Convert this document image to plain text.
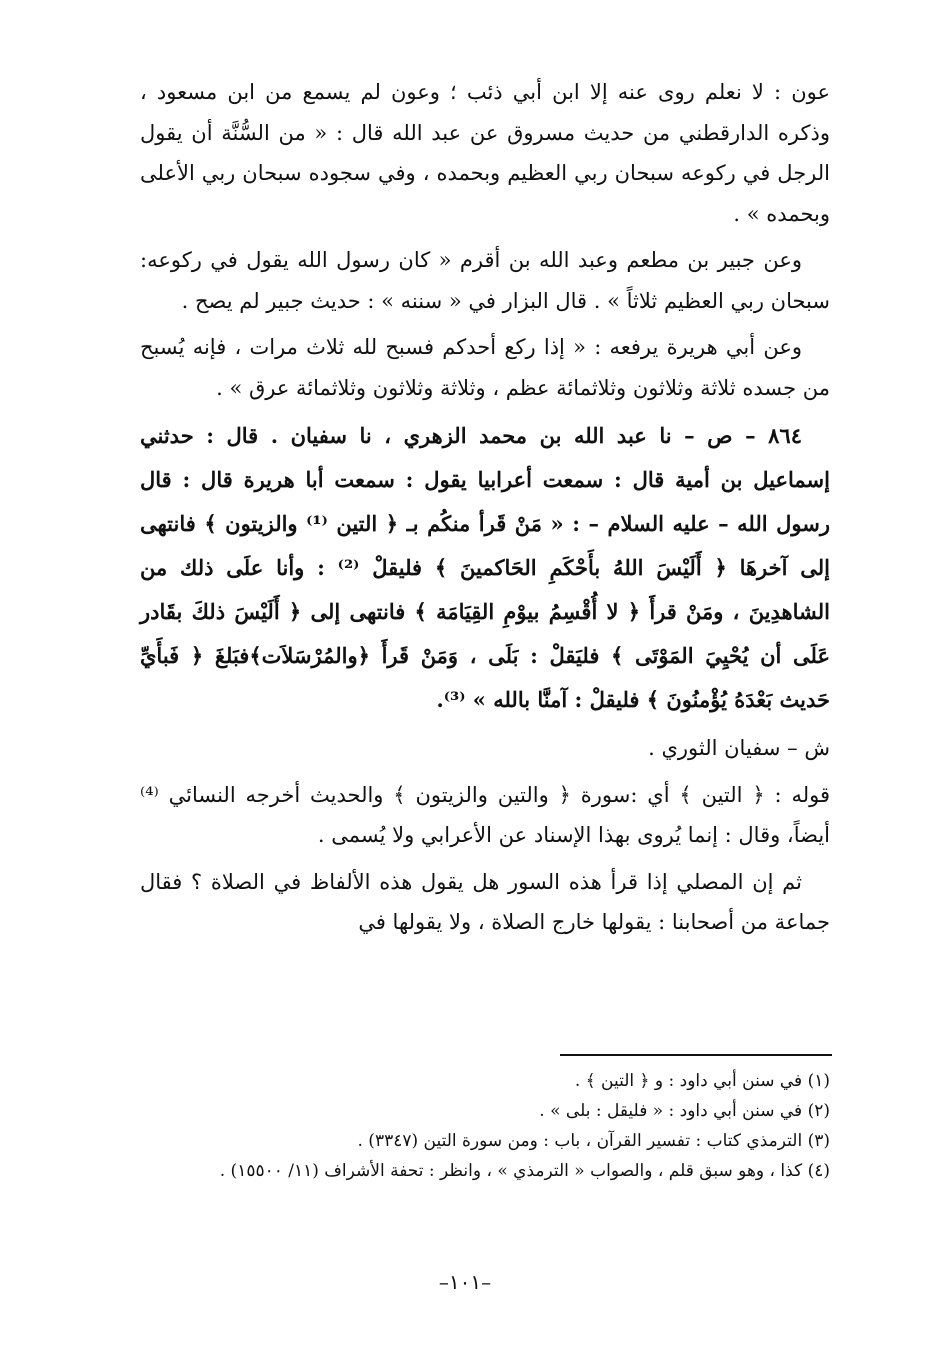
عون : لا نعلم روى عنه إلا ابن أبي ذئب ؛ وعون لم يسمع من ابن مسعود ، وذكره الدارقطني من حديث مسروق عن عبد الله قال : « من السُّنَّة أن يقول الرجل في ركوعه سبحان ربي العظيم وبحمده ، وفي سجوده سبحان ربي الأعلى وبحمده » .

وعن جبير بن مطعم وعبد الله بن أقرم « كان رسول الله يقول في ركوعه: سبحان ربي العظيم ثلاثاً » . قال البزار في « سننه » : حديث جبير لم يصح .

وعن أبي هريرة يرفعه : « إذا ركع أحدكم فسبح لله ثلاث مرات ، فإنه يُسبح من جسده ثلاثة وثلاثون وثلاثمائة عظم ، وثلاثة وثلاثون وثلاثمائة عرق » .

٨٦٤ – ص – نا عبد الله بن محمد الزهري ، نا سفيان . قال : حدثني إسماعيل بن أمية قال : سمعت أعرابيا يقول : سمعت أبا هريرة قال : قال رسول الله – عليه السلام – : « مَنْ قَرأ منكُم بـ ﴿ التين ⁽¹⁾ والزيتون ﴾ فانتهى إلى آخرهَا ﴿ أَلَيْسَ اللهُ بأَحْكَمِ الحَاكمينَ ﴾ فليقلْ ⁽²⁾ : وأنا علَى ذلك من الشاهدِينَ ، ومَنْ قرأَ ﴿ لا أُقْسِمُ بيوْمِ القِيَامَة ﴾ فانتهى إلى ﴿ أَلَيْسَ ذلكَ بقَادر عَلَى أن يُحْيِيَ المَوْتَى ﴾ فليَقلْ : بَلَى ، وَمَنْ قَرأَ ﴿والمُرْسَلاَت﴾فبَلغَ ﴿ فَبأَيِّ حَديث بَعْدَهُ يُؤْمنُونَ ﴾ فليقلْ : آمنَّا بالله » ⁽³⁾.

ش – سفيان الثوري .

قوله : ﴿ التين ﴾ أي :سورة ﴿ والتين والزيتون ﴾ والحديث أخرجه النسائي ⁽⁴⁾ أيضاً، وقال : إنما يُروى بهذا الإسناد عن الأعرابي ولا يُسمى .

ثم إن المصلي إذا قرأ هذه السور هل يقول هذه الألفاظ في الصلاة ؟ فقال جماعة من أصحابنا : يقولها خارج الصلاة ، ولا يقولها في

(١) في سنن أبي داود : و ﴿ التين ﴾ .

(٢) في سنن أبي داود : « فليقل : بلى » .

(٣) الترمذي كتاب : تفسير القرآن ، باب : ومن سورة التين (٣٣٤٧) .

(٤) كذا ، وهو سبق قلم ، والصواب « الترمذي » ، وانظر : تحفة الأشراف (١١/ ١٥٥٠٠) .

–١٠١–
